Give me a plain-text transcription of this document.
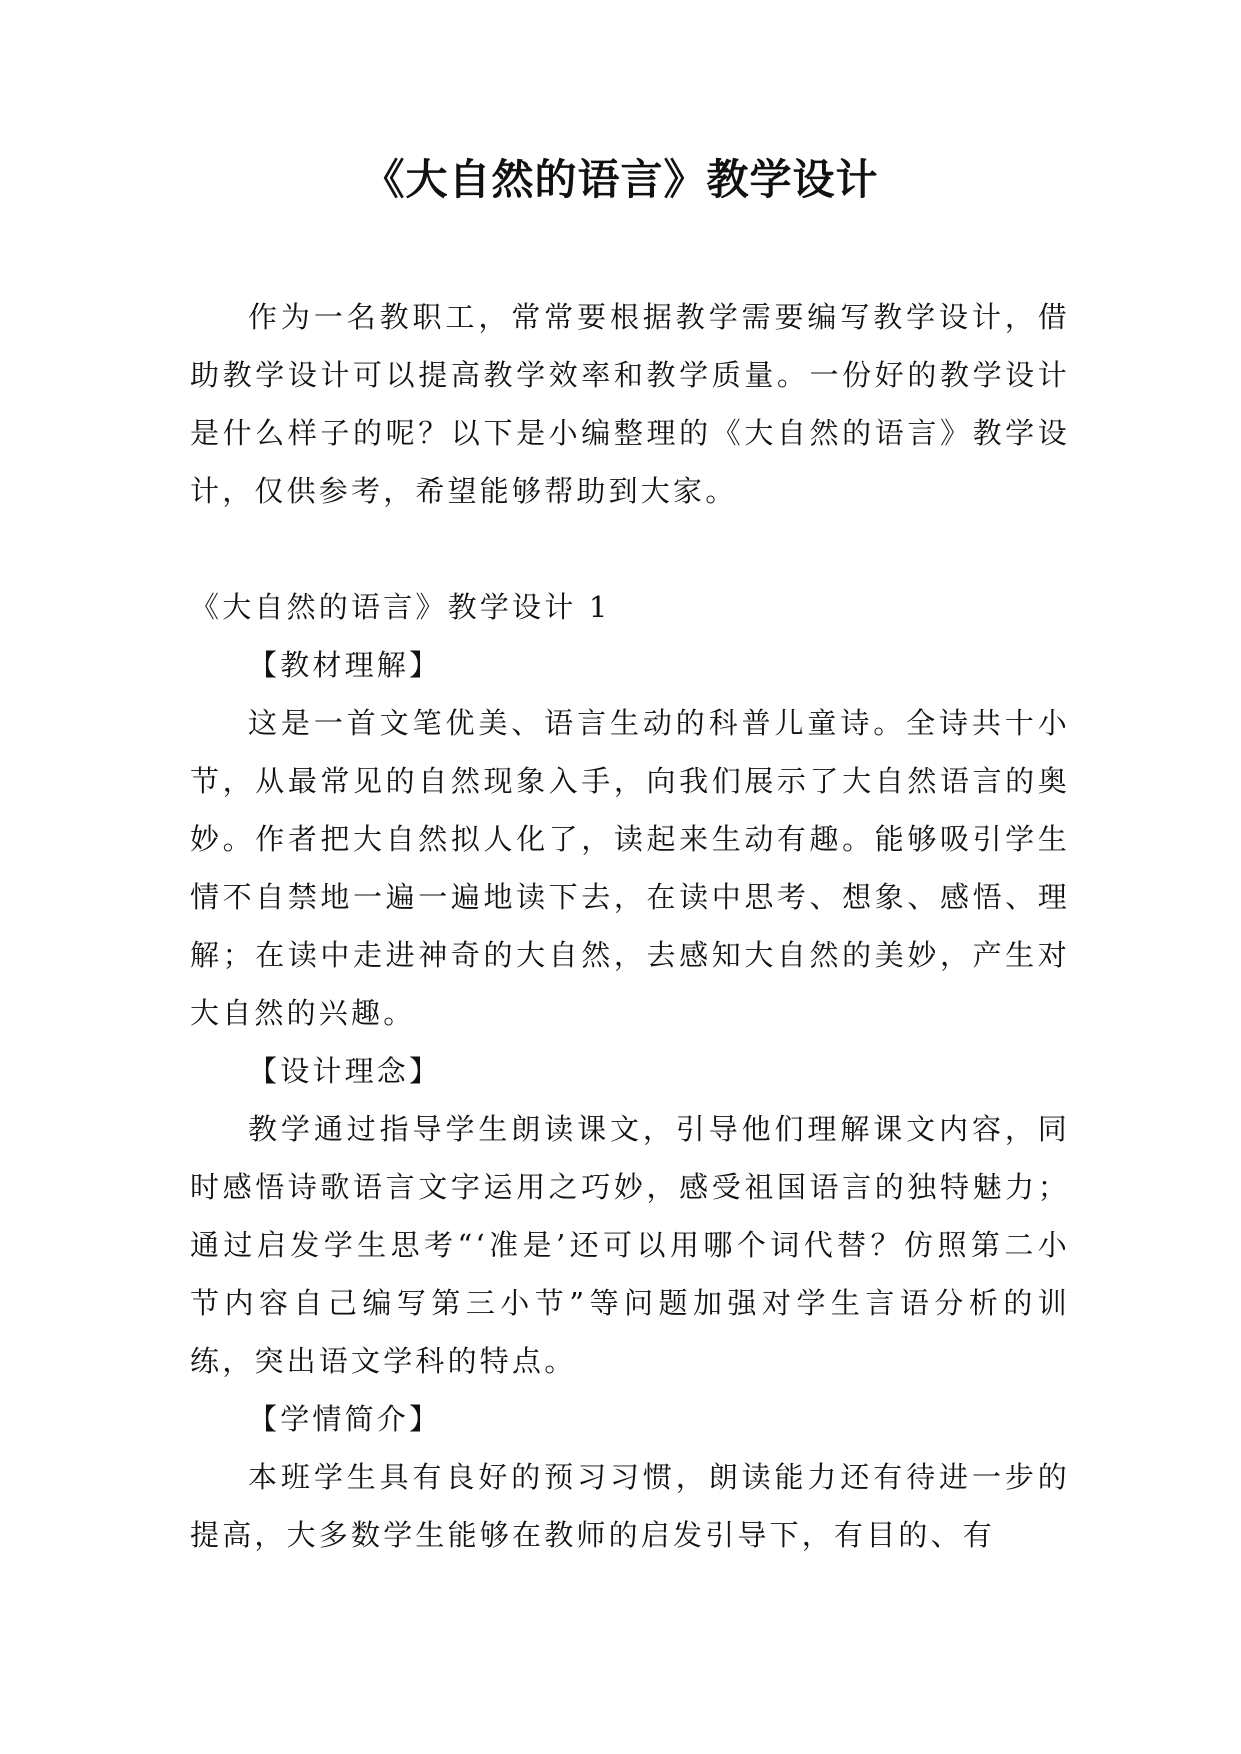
《大自然的语言》教学设计

作为一名教职工，常常要根据教学需要编写教学设计，借助教学设计可以提高教学效率和教学质量。一份好的教学设计是什么样子的呢？以下是小编整理的《大自然的语言》教学设计，仅供参考，希望能够帮助到大家。

《大自然的语言》教学设计 1

【教材理解】

这是一首文笔优美、语言生动的科普儿童诗。全诗共十小节，从最常见的自然现象入手，向我们展示了大自然语言的奥妙。作者把大自然拟人化了，读起来生动有趣。能够吸引学生情不自禁地一遍一遍地读下去，在读中思考、想象、感悟、理解；在读中走进神奇的大自然，去感知大自然的美妙，产生对大自然的兴趣。

【设计理念】

教学通过指导学生朗读课文，引导他们理解课文内容，同时感悟诗歌语言文字运用之巧妙，感受祖国语言的独特魅力；通过启发学生思考“‘准是’还可以用哪个词代替？仿照第二小节内容自己编写第三小节”等问题加强对学生言语分析的训练，突出语文学科的特点。

【学情简介】

本班学生具有良好的预习习惯，朗读能力还有待进一步的提高，大多数学生能够在教师的启发引导下，有目的、有
